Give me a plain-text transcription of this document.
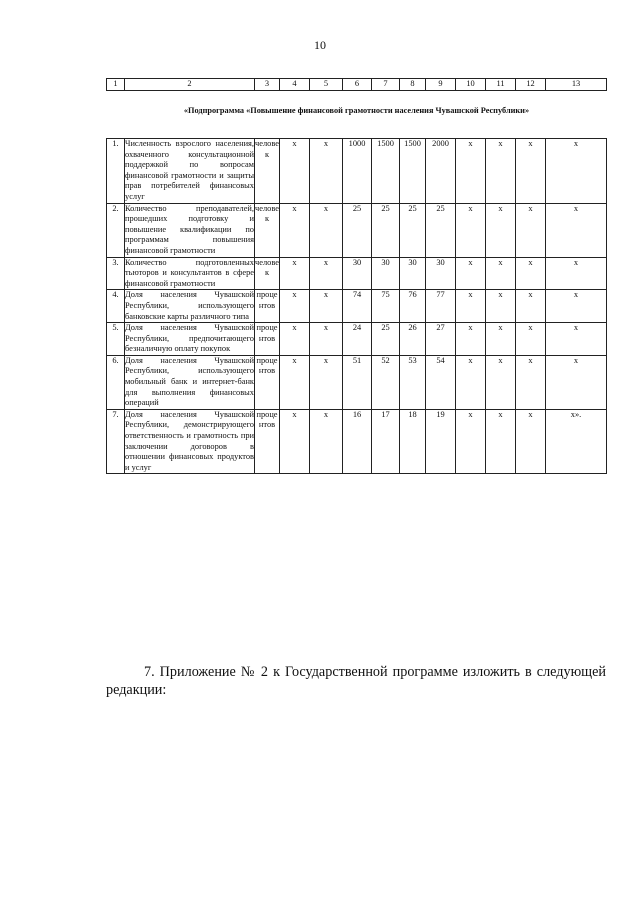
10
1	2	3	4	5	6	7	8	9	10	11	12	13
«Подпрограмма «Повышение финансовой грамотности населения Чувашской Республики»												

1.	Численность взрослого населения, охваченного консультационной поддержкой по вопросам финансовой грамотности и защиты прав потребителей финансовых услуг	человек	х	х	1000	1500	1500	2000	х	х	х	х
2.	Количество преподавателей, прошедших подготовку и повышение квалификации по программам повышения финансовой грамотности	человек	х	х	25	25	25	25	х	х	х	х
3.	Количество подготовленных тьюторов и консультантов в сфере финансовой грамотности	человек	х	х	30	30	30	30	х	х	х	х
4.	Доля населения Чувашской Республики, использующего банковские карты различного типа	процентов	х	х	74	75	76	77	х	х	х	х
5.	Доля населения Чувашской Республики, предпочитающего безналичную оплату покупок	процентов	х	х	24	25	26	27	х	х	х	х
6.	Доля населения Чувашской Республики, использующего мобильный банк и интернет-банк для выполнения финансовых операций	процентов	х	х	51	52	53	54	х	х	х	х
7.	Доля населения Чувашской Республики, демонстрирующего ответственность и грамотность при заключении договоров в отношении финансовых продуктов и услуг	процентов	х	х	16	17	18	19	х	х	х	х».
7. Приложение № 2 к Государственной программе изложить в следующей редакции:
